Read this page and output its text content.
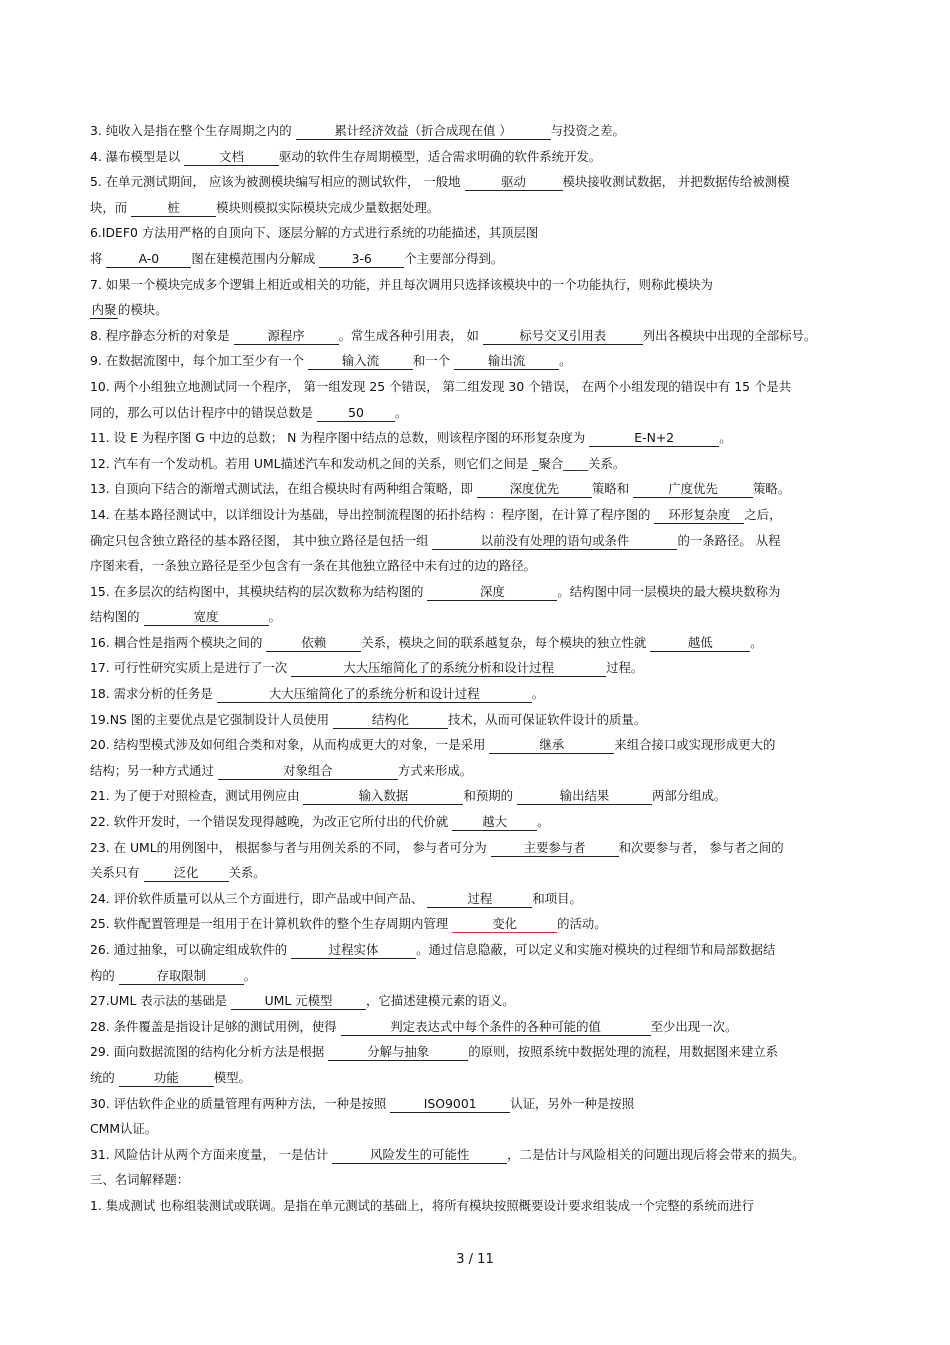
3. 纯收入是指在整个生存周期之内的	累计经济效益（折合成现在值 ）	与投资之差。
4. 瀑布模型是以	文档	驱动的软件生存周期模型，适合需求明确的软件系统开发。
5. 在单元测试期间， 应该为被测模块编写相应的测试软件， 一般地	驱动	模块接收测试数据， 并把数据传给被测模
块，而	桩	模块则模拟实际模块完成少量数据处理。
6.IDEF0 方法用严格的自顶向下、逐层分解的方式进行系统的功能描述，其顶层图
将	A-0	图在建模范围内分解成	3-6	个主要部分得到。
7. 如果一个模块完成多个逻辑上相近或相关的功能，并且每次调用只选择该模块中的一个功能执行，则称此模块为
内聚 的模块。
8. 程序静态分析的对象是	源程序	。常生成各种引用表， 如	标号交叉引用表	列出各模块中出现的全部标号。
9. 在数据流图中，每个加工至少有一个	输入流	和一个	输出流	。
10. 两个小组独立地测试同一个程序， 第一组发现 25 个错误， 第二组发现 30 个错误， 在两个小组发现的错误中有 15 个是共
同的，那么可以估计程序中的错误总数是	50	。
11. 设 E 为程序图 G 中边的总数； N 为程序图中结点的总数，则该程序图的环形复杂度为	E-N+2	。
12. 汽车有一个发动机。若用 UML描述汽车和发动机之间的关系，则它们之间是 _聚合____关系。
13. 自顶向下结合的渐增式测试法，在组合模块时有两种组合策略，即	深度优先	策略和	广度优先	策略。
14. 在基本路径测试中，以详细设计为基础，导出控制流程图的拓扑结构 ：程序图，在计算了程序图的 环形复杂度 之后，
确定只包含独立路径的基本路径图， 其中独立路径是包括一组	以前没有处理的语句或条件	的一条路径。 从程
序图来看，一条独立路径是至少包含有一条在其他独立路径中未有过的边的路径。
15. 在多层次的结构图中，其模块结构的层次数称为结构图的	深度	。结构图中同一层模块的最大模块数称为
结构图的	宽度	。
16. 耦合性是指两个模块之间的	依赖	关系，模块之间的联系越复杂，每个模块的独立性就	越低	。
17. 可行性研究实质上是进行了一次	大大压缩简化了的系统分析和设计过程	过程。
18. 需求分析的任务是	大大压缩简化了的系统分析和设计过程	。
19.NS 图的主要优点是它强制设计人员使用	结构化	技术，从而可保证软件设计的质量。
20. 结构型模式涉及如何组合类和对象，从而构成更大的对象，一是采用	继承	来组合接口或实现形成更大的
结构；另一种方式通过	对象组合	方式来形成。
21. 为了便于对照检查，测试用例应由	输入数据	和预期的	输出结果	两部分组成。
22. 软件开发时，一个错误发现得越晚，为改正它所付出的代价就 越大 。
23. 在 UML的用例图中， 根据参与者与用例关系的不同， 参与者可分为	主要参与者	和次要参与者， 参与者之间的
关系只有 泛化 关系。
24. 评价软件质量可以从三个方面进行，即产品或中间产品、	过程	和项目。
25. 软件配置管理是一组用于在计算机软件的整个生存周期内管理	变化	的活动。
26. 通过抽象，可以确定组成软件的	过程实体	。通过信息隐蔽，可以定义和实施对模块的过程细节和局部数据结
构的	存取限制	。
27.UML 表示法的基础是	UML 元模型	，它描述建模元素的语义。
28. 条件覆盖是指设计足够的测试用例，使得	判定表达式中每个条件的各种可能的值	至少出现一次。
29. 面向数据流图的结构化分析方法是根据	分解与抽象	的原则，按照系统中数据处理的流程，用数据图来建立系
统的	功能	模型。
30. 评估软件企业的质量管理有两种方法，一种是按照	ISO9001	认证，另外一种是按照
CMM认证。
31. 风险估计从两个方面来度量， 一是估计	风险发生的可能性	，二是估计与风险相关的问题出现后将会带来的损失。
三、名词解释题：
1. 集成测试 也称组装测试或联调。是指在单元测试的基础上，将所有模块按照概要设计要求组装成一个完整的系统而进行
3 / 11
